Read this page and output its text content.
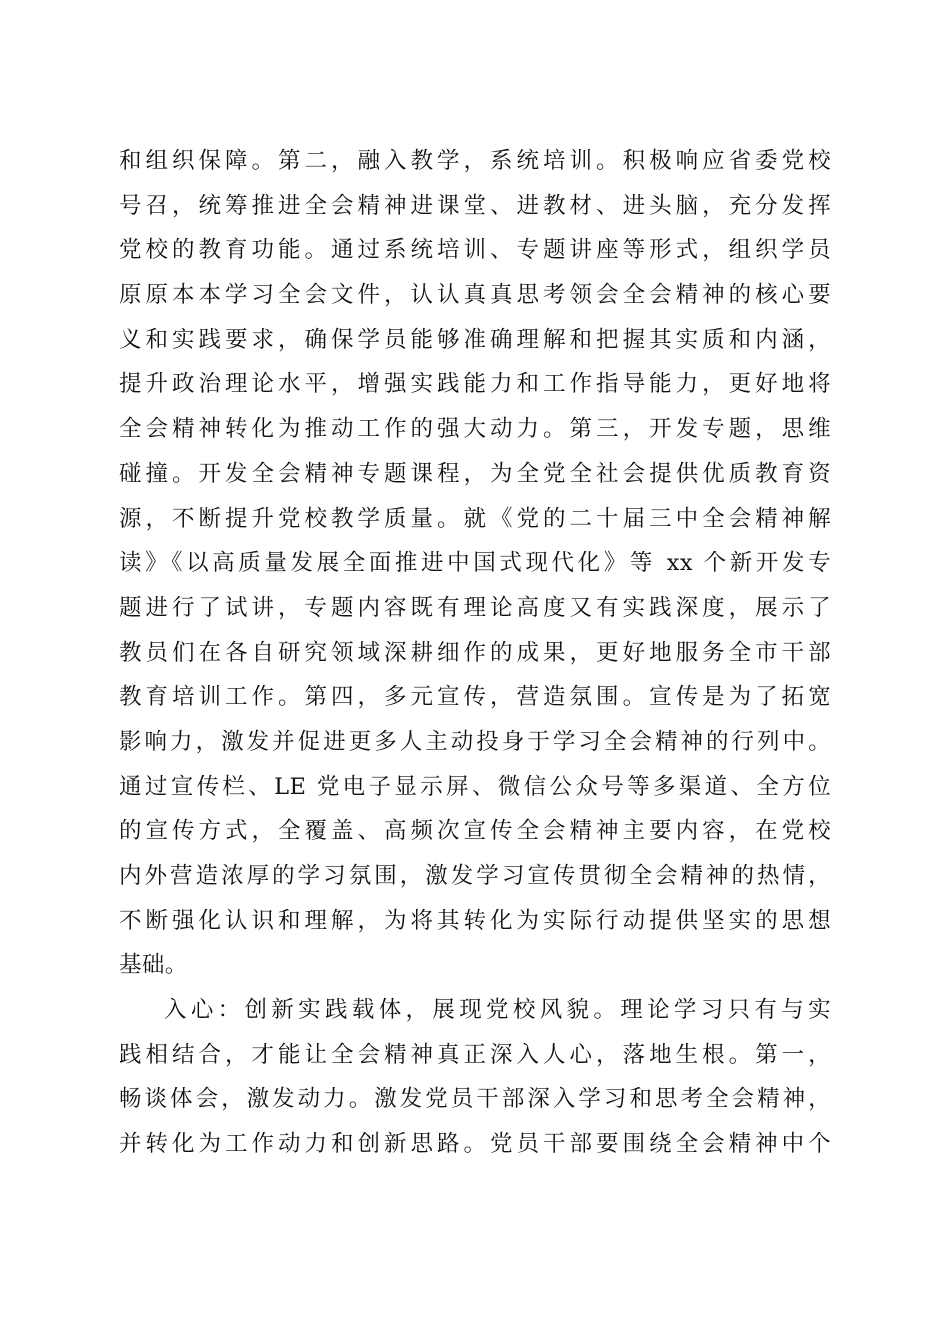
和组织保障。第二，融入教学，系统培训。积极响应省委党校
号召，统筹推进全会精神进课堂、进教材、进头脑，充分发挥
党校的教育功能。通过系统培训、专题讲座等形式，组织学员
原原本本学习全会文件，认认真真思考领会全会精神的核心要
义和实践要求，确保学员能够准确理解和把握其实质和内涵，
提升政治理论水平，增强实践能力和工作指导能力，更好地将
全会精神转化为推动工作的强大动力。第三，开发专题，思维
碰撞。开发全会精神专题课程，为全党全社会提供优质教育资
源，不断提升党校教学质量。就《党的二十届三中全会精神解
读》《以高质量发展全面推进中国式现代化》等 xx 个新开发专
题进行了试讲，专题内容既有理论高度又有实践深度，展示了
教员们在各自研究领域深耕细作的成果，更好地服务全市干部
教育培训工作。第四，多元宣传，营造氛围。宣传是为了拓宽
影响力，激发并促进更多人主动投身于学习全会精神的行列中。
通过宣传栏、LE 党电子显示屏、微信公众号等多渠道、全方位
的宣传方式，全覆盖、高频次宣传全会精神主要内容，在党校
内外营造浓厚的学习氛围，激发学习宣传贯彻全会精神的热情，
不断强化认识和理解，为将其转化为实际行动提供坚实的思想
基础。
入心：创新实践载体，展现党校风貌。理论学习只有与实
践相结合，才能让全会精神真正深入人心，落地生根。第一，
畅谈体会，激发动力。激发党员干部深入学习和思考全会精神，
并转化为工作动力和创新思路。党员干部要围绕全会精神中个
